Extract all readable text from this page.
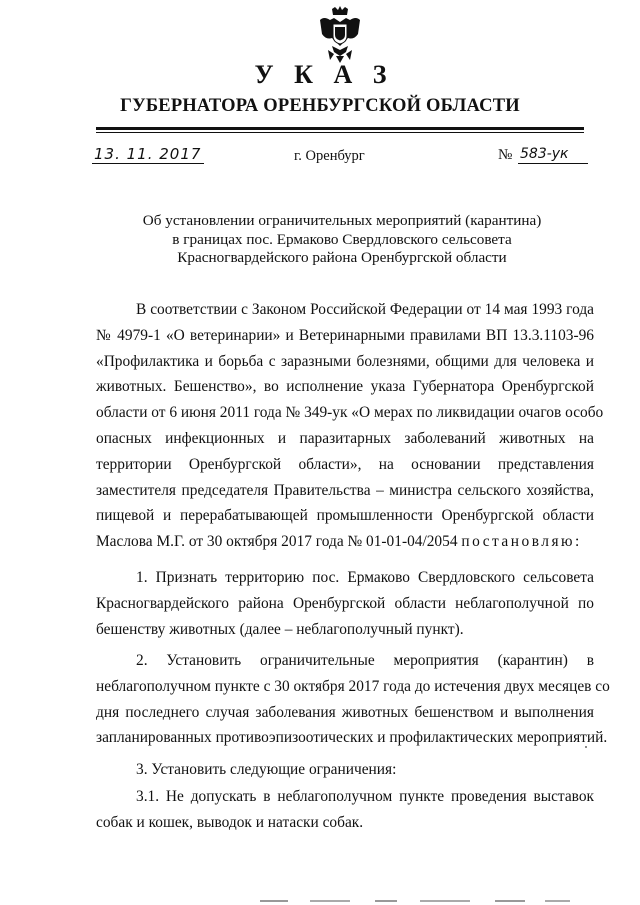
У К А З
ГУБЕРНАТОРА ОРЕНБУРГСКОЙ ОБЛАСТИ
13. 11. 2017	г. Оренбург	№ 583-ук
Об установлении ограничительных мероприятий (карантина)
в границах пос. Ермаково Свердловского сельсовета
Красногвардейского района Оренбургской области
В соответствии с Законом Российской Федерации от 14 мая 1993 года
№ 4979-1 «О ветеринарии» и Ветеринарными правилами ВП 13.3.1103-96
«Профилактика и борьба с заразными болезнями, общими для человека и
животных. Бешенство», во исполнение указа Губернатора Оренбургской
области от 6 июня 2011 года № 349-ук «О мерах по ликвидации очагов особо
опасных инфекционных и паразитарных заболеваний животных на
территории Оренбургской области», на основании представления
заместителя председателя Правительства – министра сельского хозяйства,
пищевой и перерабатывающей промышленности Оренбургской области
Маслова М.Г. от 30 октября 2017 года № 01-01-04/2054 постановляю:
1. Признать территорию пос. Ермаково Свердловского сельсовета
Красногвардейского района Оренбургской области неблагополучной по
бешенству животных (далее – неблагополучный пункт).
2. Установить ограничительные мероприятия (карантин) в
неблагополучном пункте с 30 октября 2017 года до истечения двух месяцев со
дня последнего случая заболевания животных бешенством и выполнения
запланированных противоэпизоотических и профилактических мероприятий.
3. Установить следующие ограничения:
3.1. Не допускать в неблагополучном пункте проведения выставок
собак и кошек, выводок и натаски собак.
